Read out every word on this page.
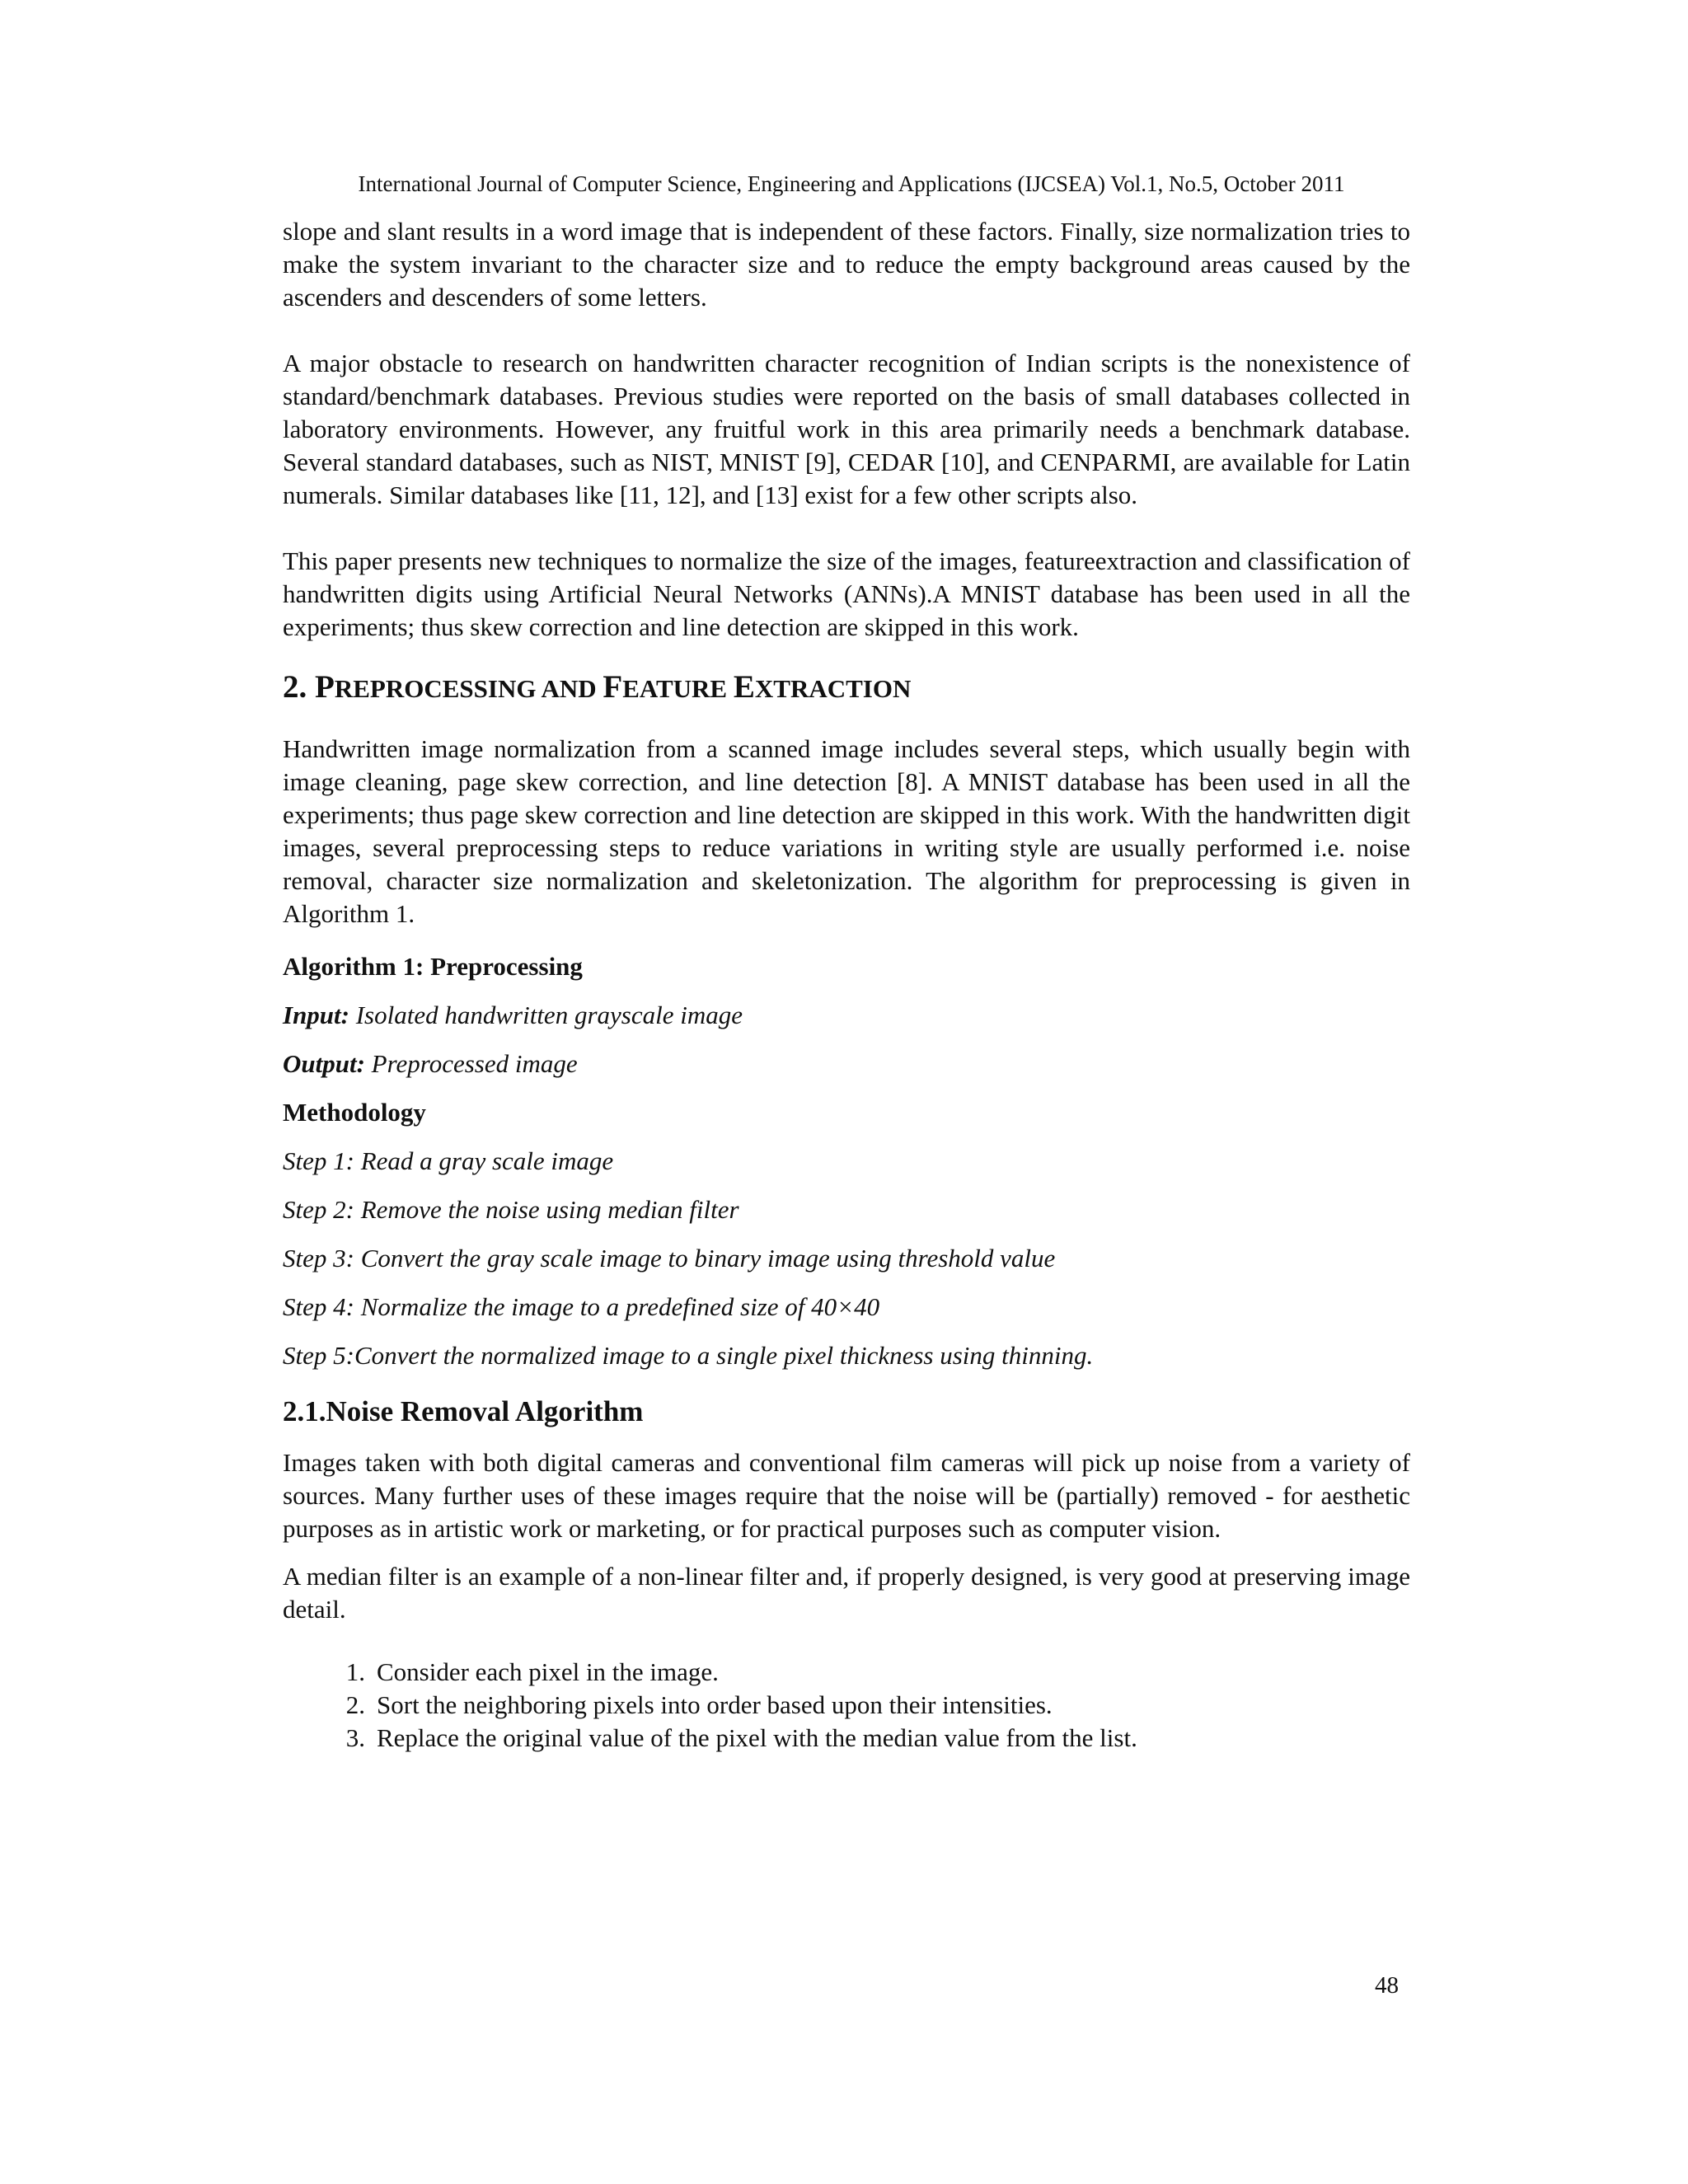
International Journal of Computer Science, Engineering and Applications (IJCSEA) Vol.1, No.5, October 2011

slope and slant results in a word image that is independent of these factors. Finally, size normalization tries to make the system invariant to the character size and to reduce the empty background areas caused by the ascenders and descenders of some letters.

A major obstacle to research on handwritten character recognition of Indian scripts is the nonexistence of standard/benchmark databases. Previous studies were reported on the basis of small databases collected in laboratory environments. However, any fruitful work in this area primarily needs a benchmark database. Several standard databases, such as NIST, MNIST [9], CEDAR [10], and CENPARMI, are available for Latin numerals. Similar databases like [11, 12], and [13] exist for a few other scripts also.

This paper presents new techniques to normalize the size of the images, featureextraction and classification of handwritten digits using Artificial Neural Networks (ANNs).A MNIST database has been used in all the experiments; thus skew correction and line detection are skipped in this work.

2. PREPROCESSING AND FEATURE EXTRACTION

Handwritten image normalization from a scanned image includes several steps, which usually begin with image cleaning, page skew correction, and line detection [8]. A MNIST database has been used in all the experiments; thus page skew correction and line detection are skipped in this work. With the handwritten digit images, several preprocessing steps to reduce variations in writing style are usually performed i.e. noise removal, character size normalization and skeletonization. The algorithm for preprocessing is given in Algorithm 1.

Algorithm 1: Preprocessing
Input: Isolated handwritten grayscale image
Output: Preprocessed image
Methodology
Step 1: Read a gray scale image
Step 2: Remove the noise using median filter
Step 3: Convert the gray scale image to binary image using threshold value
Step 4: Normalize the image to a predefined size of 40×40
Step 5:Convert the normalized image to a single pixel thickness using thinning.
2.1.Noise Removal Algorithm

Images taken with both digital cameras and conventional film cameras will pick up noise from a variety of sources. Many further uses of these images require that the noise will be (partially) removed - for aesthetic purposes as in artistic work or marketing, or for practical purposes such as computer vision.

A median filter is an example of a non-linear filter and, if properly designed, is very good at preserving image detail.

1. Consider each pixel in the image.
2. Sort the neighboring pixels into order based upon their intensities.
3. Replace the original value of the pixel with the median value from the list.
48
